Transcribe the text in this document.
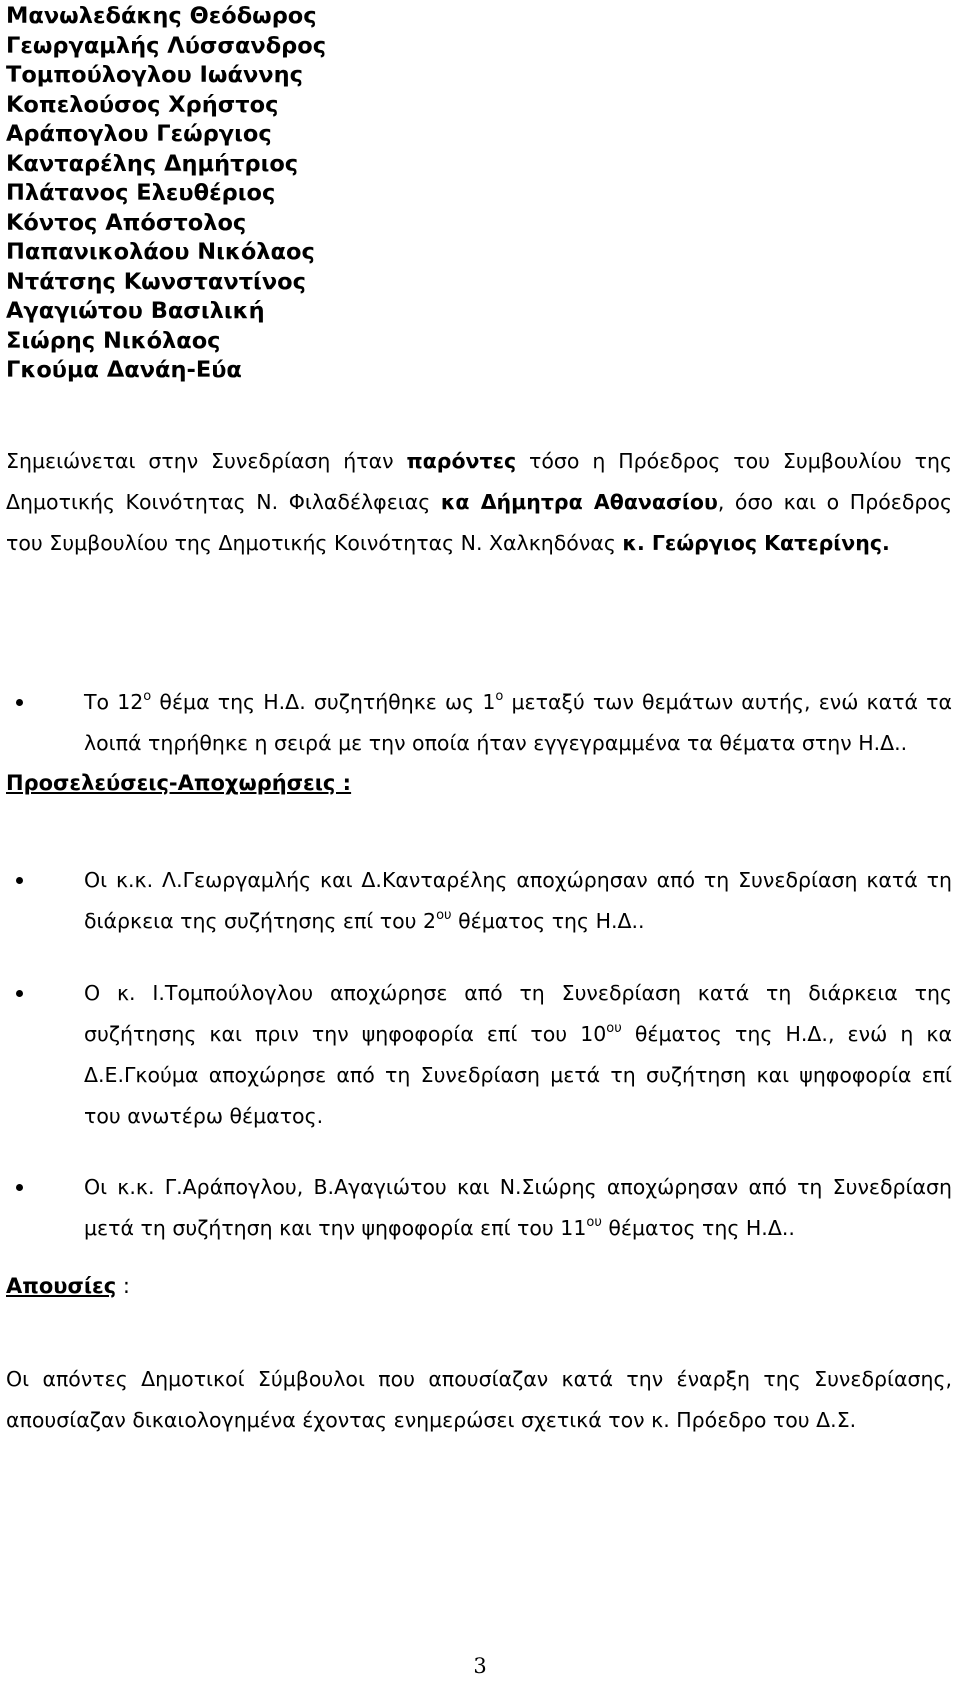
Μανωλεδάκης Θεόδωρος
Γεωργαμλής Λύσσανδρος
Τομπούλογλου Ιωάννης
Κοπελούσος Χρήστος
Αράπογλου Γεώργιος
Κανταρέλης Δημήτριος
Πλάτανος Ελευθέριος
Κόντος Απόστολος
Παπανικολάου Νικόλαος
Ντάτσης Κωνσταντίνος
Αγαγιώτου Βασιλική
Σιώρης Νικόλαος
Γκούμα Δανάη-Εύα
Σημειώνεται στην Συνεδρίαση ήταν παρόντες τόσο η Πρόεδρος του Συμβουλίου της Δημοτικής Κοινότητας Ν. Φιλαδέλφειας κα Δήμητρα Αθανασίου, όσο και ο Πρόεδρος του Συμβουλίου της Δημοτικής Κοινότητας Ν. Χαλκηδόνας κ. Γεώργιος Κατερίνης.
Το $12^o$ θέμα της Η.Δ. συζητήθηκε ως $1^o$ μεταξύ των θεμάτων αυτής, ενώ κατά τα λοιπά τηρήθηκε η σειρά με την οποία ήταν εγγεγραμμένα τα θέματα στην Η.Δ..
Προσελεύσεις-Αποχωρήσεις :
Οι κ.κ. Λ.Γεωργαμλής και Δ.Κανταρέλης αποχώρησαν από τη Συνεδρίαση κατά τη διάρκεια της συζήτησης επί του $2^{o\upsilon}$ θέματος της Η.Δ..
Ο κ. Ι.Τομπούλογλου αποχώρησε από τη Συνεδρίαση κατά τη διάρκεια της συζήτησης και πριν την ψηφοφορία επί του $10^{o\upsilon}$ θέματος της Η.Δ., ενώ η κα Δ.Ε.Γκούμα αποχώρησε από τη Συνεδρίαση μετά τη συζήτηση και ψηφοφορία επί του ανωτέρω θέματος.
Οι κ.κ. Γ.Αράπογλου, Β.Αγαγιώτου και Ν.Σιώρης αποχώρησαν από τη Συνεδρίαση μετά τη συζήτηση και την ψηφοφορία επί του $11^{o\upsilon}$ θέματος της Η.Δ..
Απουσίες :
Οι απόντες Δημοτικοί Σύμβουλοι που απουσίαζαν κατά την έναρξη της Συνεδρίασης, απουσίαζαν δικαιολογημένα έχοντας ενημερώσει σχετικά τον κ. Πρόεδρο του Δ.Σ.
3
